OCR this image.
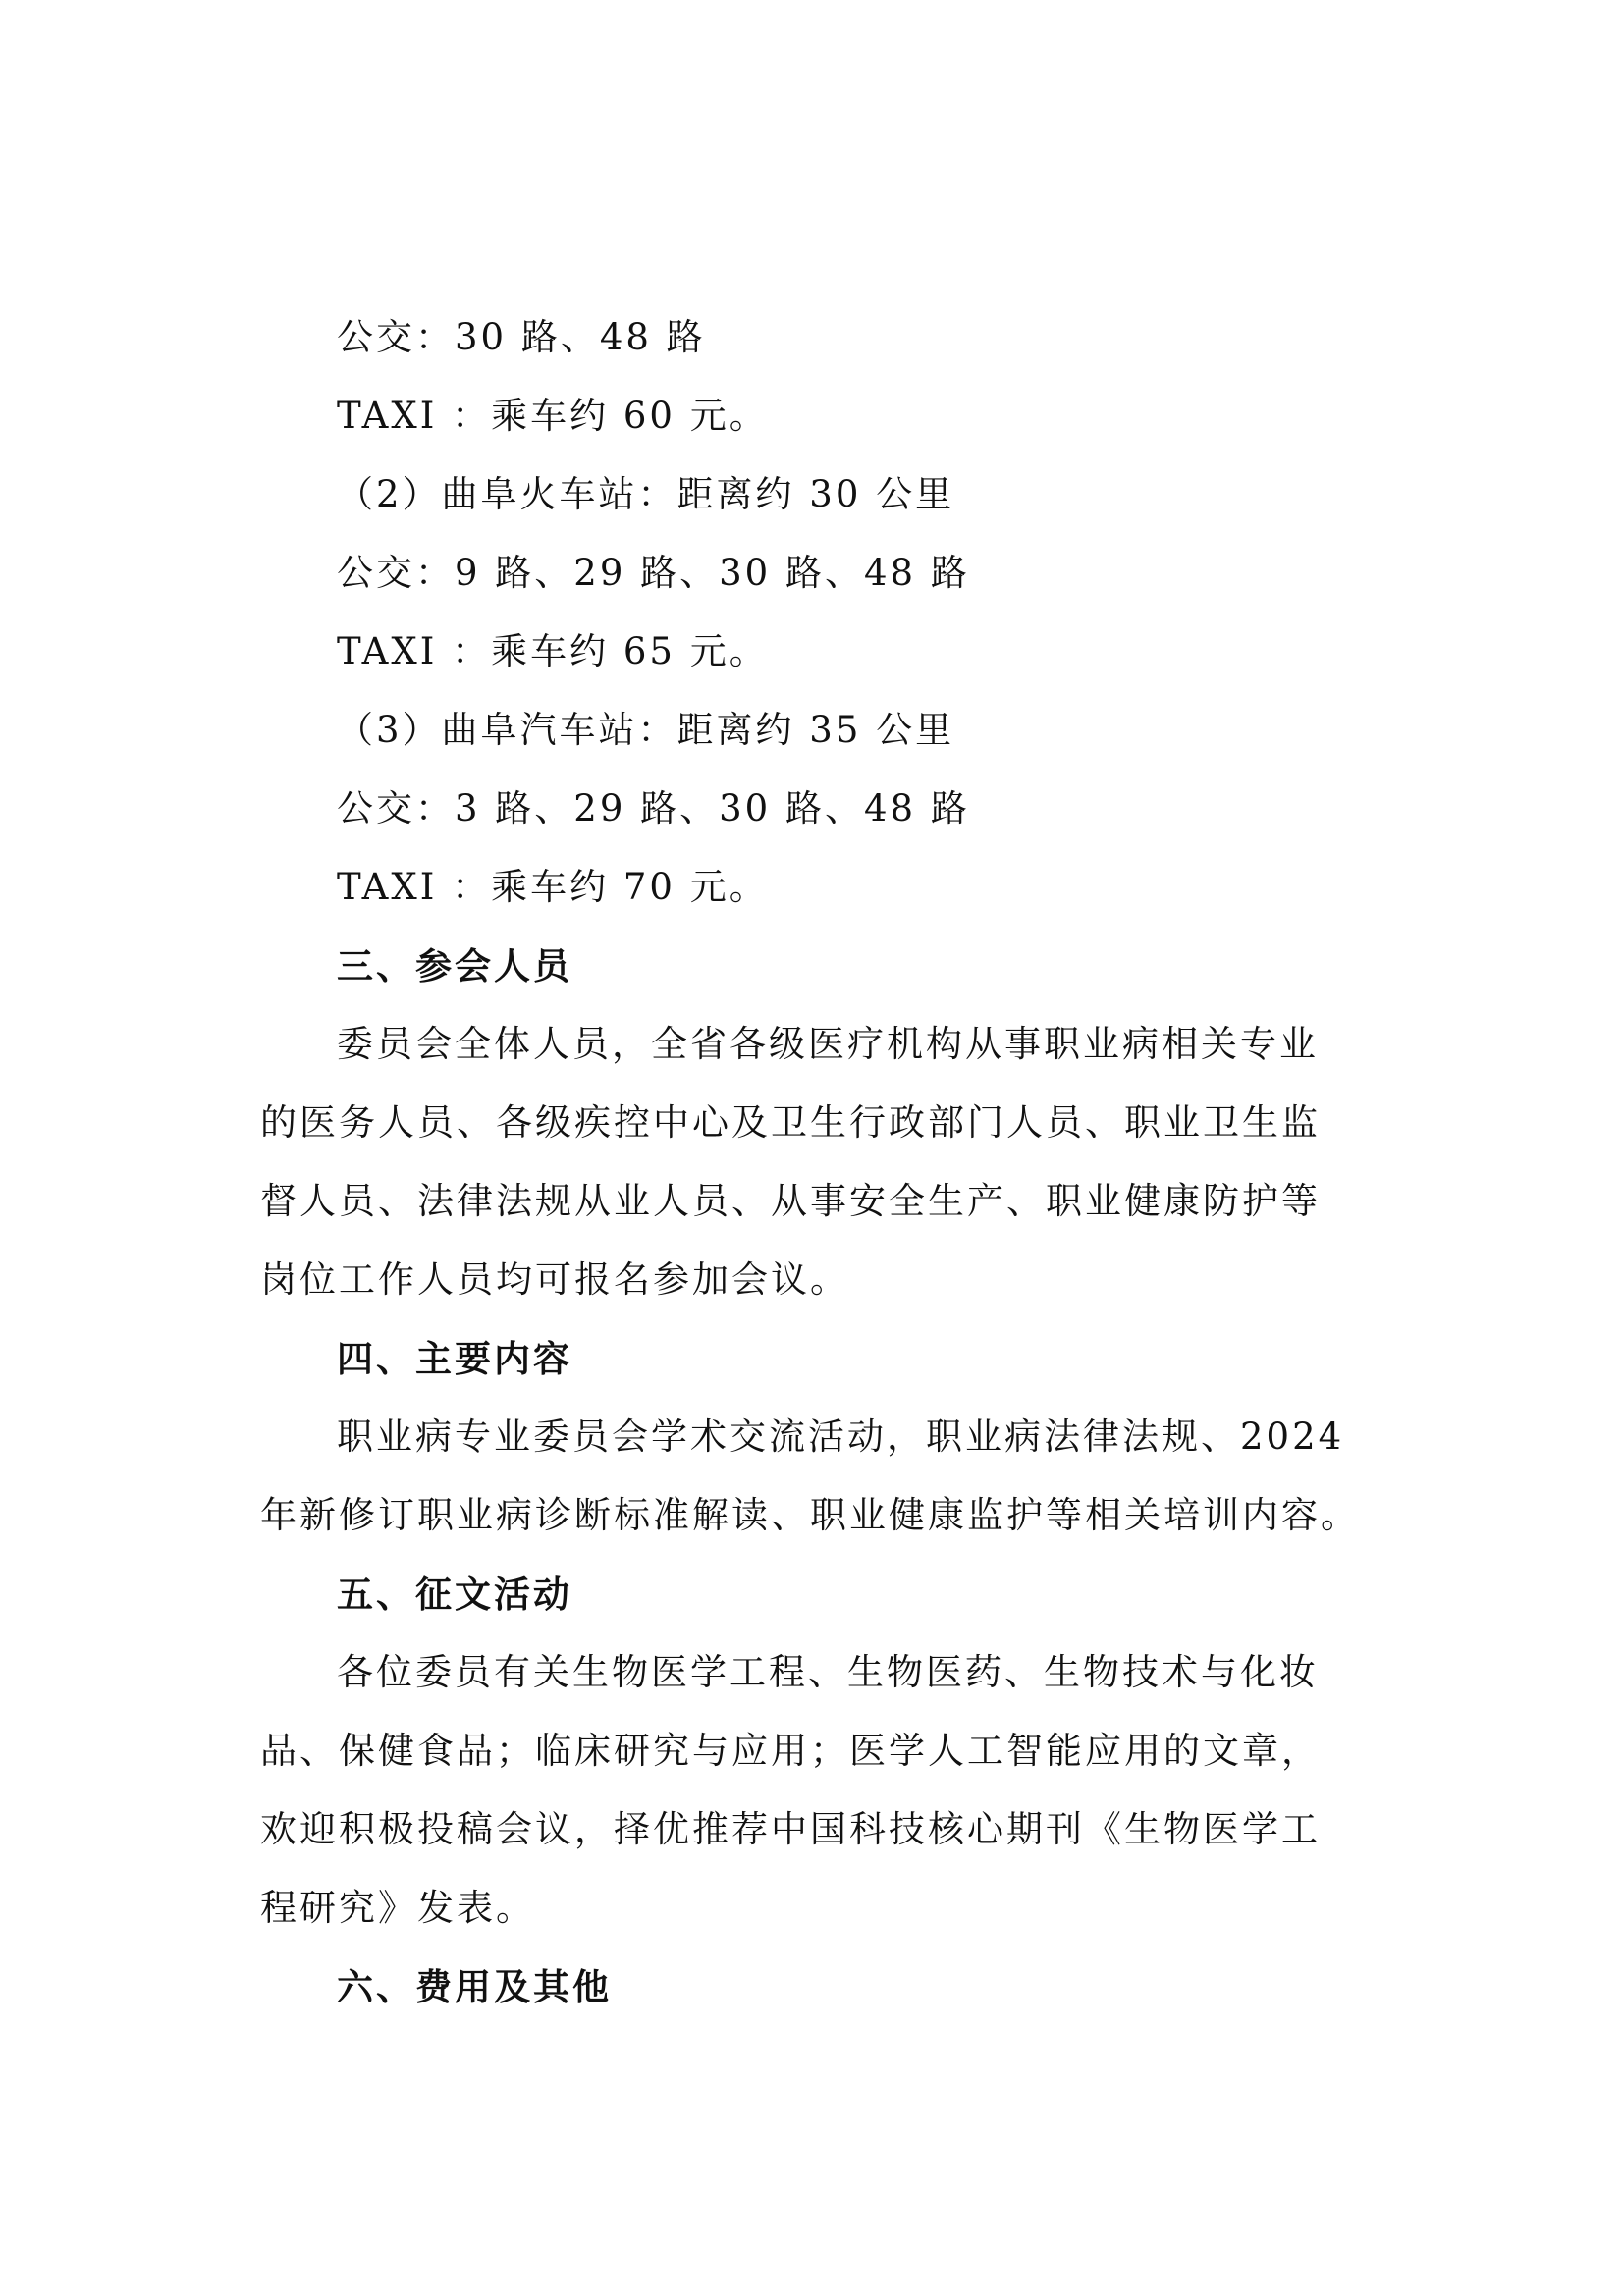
公交：30 路、48 路
TAXI ：乘车约 60 元。
（2）曲阜火车站：距离约 30 公里
公交：9 路、29 路、30 路、48 路
TAXI ：乘车约 65 元。
（3）曲阜汽车站：距离约 35 公里
公交：3 路、29 路、30 路、48 路
TAXI ：乘车约 70 元。
三、参会人员
委员会全体人员，全省各级医疗机构从事职业病相关专业
的医务人员、各级疾控中心及卫生行政部门人员、职业卫生监
督人员、法律法规从业人员、从事安全生产、职业健康防护等
岗位工作人员均可报名参加会议。
四、主要内容
职业病专业委员会学术交流活动，职业病法律法规、2024
年新修订职业病诊断标准解读、职业健康监护等相关培训内容。
五、征文活动
各位委员有关生物医学工程、生物医药、生物技术与化妆
品、保健食品；临床研究与应用；医学人工智能应用的文章，
欢迎积极投稿会议，择优推荐中国科技核心期刊《生物医学工
程研究》发表。
六、费用及其他
